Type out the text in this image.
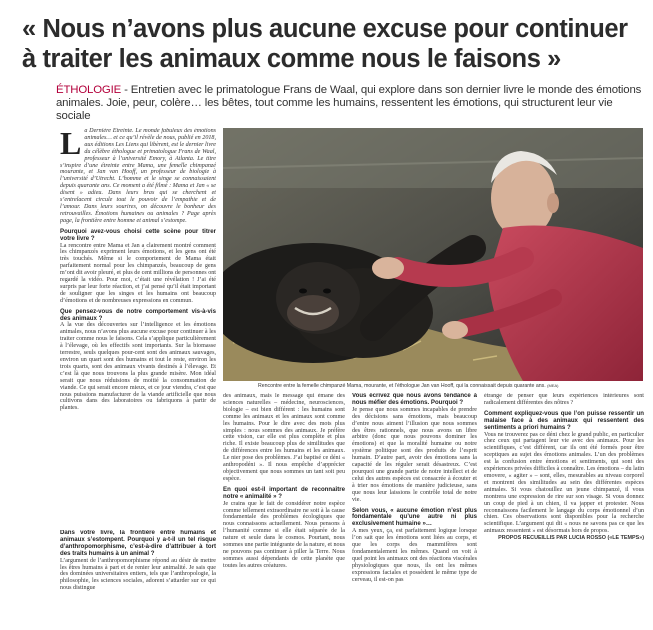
« Nous n’avons plus aucune excuse pour continuer
à traiter les animaux comme nous le faisons »

ÉTHOLOGIE - Entretien avec le primatologue Frans de Waal, qui explore dans son dernier livre le monde des émotions animales. Joie, peur, colère… les bêtes, tout comme les humains, ressentent les émotions, qui structurent leur vie sociale

La Dernière Etreinte. Le monde fabuleux des émotions animales… et ce qu’il révèle de nous, publié en 2018, aux éditions Les Liens qui libèrent, est le dernier livre du célèbre éthologue et primatologue Frans de Waal, professeur à l’université Emory, à Atlanta. Le titre s’inspire d’une étreinte entre Mama, une femelle chimpanzé mourante, et Jan van Hooff, un professeur de biologie à l’université d’Utrecht. L’homme et le singe se connaissaient depuis quarante ans. Ce moment a été filmé : Mama et Jan « se disent » adieu. Dans leurs bras qui se cherchent et s’entrelacent circule tout le pouvoir de l’empathie et de l’amour. Dans leurs sourires, on découvre le bonheur des retrouvailles. Émotions humaines ou animales ? Page après page, la frontière entre homme et animal s’estompe.

Pourquoi avez-vous choisi cette scène pour titrer votre livre ?

La rencontre entre Mama et Jan a clairement montré comment les chimpanzés expriment leurs émotions, et les gens ont été très touchés. Même si le comportement de Mama était parfaitement normal pour les chimpanzés, beaucoup de gens m’ont dit avoir pleuré, et plus de cent millions de personnes ont regardé la vidéo. Pour moi, c’était une révélation ! J’ai été surpris par leur forte réaction, et j’ai pensé qu’il était important de souligner que les singes et les humains ont beaucoup d’émotions et de nombreuses expressions en commun.

Que pensez-vous de notre comportement vis-à-vis des animaux ?

A la vue des découvertes sur l’intelligence et les émotions animales, nous n’avons plus aucune excuse pour continuer à les traiter comme nous le faisons. Cela s’applique particulièrement à l’élevage, où les effectifs sont importants. Sur la biomasse terrestre, seuls quelques pour-cent sont des animaux sauvages, environ un quart sont des humains et tout le reste, environ les trois quarts, sont des animaux vivants destinés à l’élevage. Et c’est là que nous trouvons la plus grande misère. Mon idéal serait que nous réduisions de moitié la consommation de viande. Ce qui serait encore mieux, et ce jour viendra, c’est que nous puissions manufacturer de la viande artificielle que nous cultivons dans des laboratoires ou fabriquons à partir de plantes.

Rencontre entre la femelle chimpanzé Mama, mourante, et l’éthologue Jan van Hooff, qui la connaissait depuis quarante ans. (MEA)

Dans votre livre, la frontière entre humains et animaux s’estompent. Pourquoi y a-t-il un tel risque d’anthropomorphisme, c’est-à-dire d’attribuer à tort des traits humains à un animal ?

L’argument de l’anthropomorphisme répond au désir de mettre les êtres humains à part et de renier leur animalité. Je sais que des dominées universitaires entiers, tels que l’anthropologie, la philosophie, les sciences sociales, adorent s’attarder sur ce qui nous distingue

des animaux, mais le message qui émane des sciences naturelles – médecine, neurosciences, biologie – est bien différent : les humains sont comme les animaux et les animaux sont comme les humains. Pour le dire avec des mots plus simples : nous sommes des animaux. Je préfère cette vision, car elle est plus complète et plus riche. Il existe beaucoup plus de similitudes que de différences entre les humains et les animaux. Le nier pose des problèmes. J’ai baptisé ce déni « anthropodéni ». Il nous empêche d’apprécier objectivement que nous sommes un tant soit peu espèce.

En quoi est-il important de reconnaître notre « animalité » ?

Je crains que le fait de considérer notre espèce comme tellement extraordinaire ne soit à la cause fondamentale des problèmes écologiques que nous connaissons actuellement. Nous pensons à l’humanité comme si elle était séparée de la nature et seule dans le cosmos. Pourtant, nous sommes une partie intégrante de la nature, et nous ne pouvons pas continuer à piller la Terre. Nous sommes aussi dépendants de cette planète que toutes les autres créatures.

Vous écrivez que nous avons tendance à nous méfier des émotions. Pourquoi ?

Je pense que nous sommes incapables de prendre des décisions sans émotions, mais beaucoup d’entre nous aiment l’illusion que nous sommes des êtres rationnels, que nous avons un libre arbitre (donc que nous pouvons dominer les émotions) et que la moralité humaine ou notre système politique sont des produits de l’esprit humain. D’autre part, avoir des émotions sans la capacité de les réguler serait désastreux. C’est pourquoi une grande partie de notre intellect et de celui des autres espèces est consacrée à écouter et à trier nos émotions de manière judicieuse, sans que nous leur laissions le contrôle total de notre vie.

Selon vous, « aucune émotion n’est plus fondamentale qu’une autre ni plus exclusivement humaine »…

A mes yeux, ça, est parfaitement logique lorsque l’on sait que les émotions sont liées au corps, et que les corps des mammifères sont fondamentalement les mêmes. Quand on voit à quel point les animaux ont des réactions viscérales physiologiques que nous, ils ont les mêmes expressions faciales et possèdent le même type de cerveau, il est-on pas

étrange de penser que leurs expériences intérieures sont radicalement différentes des nôtres ?

Comment expliquez-vous que l’on puisse ressentir un malaise face à des animaux qui ressentent des sentiments a priori humains ?

Vous ne trouverez pas ce déni chez le grand public, en particulier chez ceux qui partagent leur vie avec des animaux. Pour les scientifiques, c’est différent, car ils ont été formés pour être sceptiques au sujet des émotions animales. L’un des problèmes est la confusion entre émotions et sentiments, qui sont des expériences privées difficiles à connaître. Les émotions – du latin emovere, « agiter » – sont, elles, mesurables au niveau corporel et montrent des similitudes au sein des différentes espèces animales. Si vous chatouillez un jeune chimpanzé, il vous montrera une expression de rire sur son visage. Si vous donnez un coup de pied à un chien, il va japper et protester. Nous reconnaissons facilement le langage du corps émotionnel d’un chien. Ces observations sont disponibles pour la recherche scientifique. L’argument qui dit « nous ne savons pas ce que les animaux ressentent » est désormais hors de propos.

PROPOS RECUEILLIS PAR LUCIA ROSSO («LE TEMPS»)
